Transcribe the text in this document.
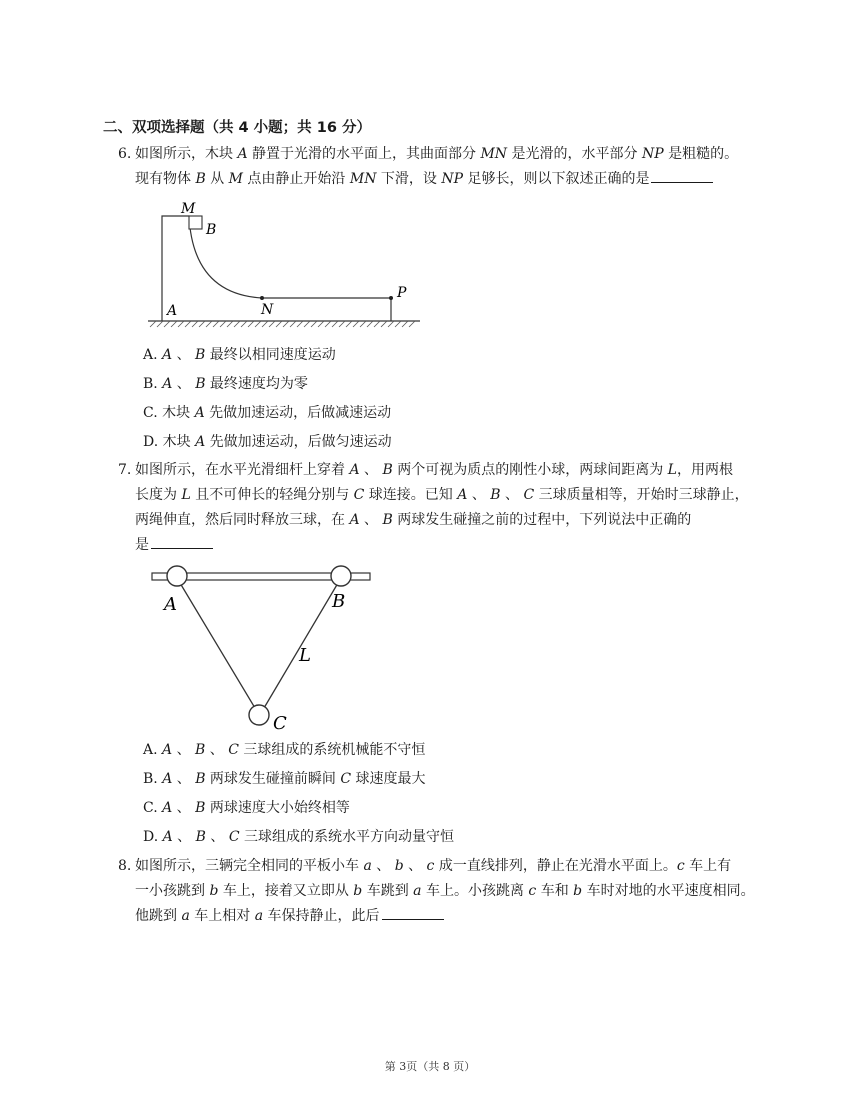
二、双项选择题（共 4 小题；共 16 分）
6. 如图所示，木块 𝐴 静置于光滑的水平面上，其曲面部分 𝑀𝑁 是光滑的，水平部分 𝑁𝑃 是粗糙的。
现有物体 𝐵 从 𝑀 点由静止开始沿 𝑀𝑁 下滑，设 𝑁𝑃 足够长，则以下叙述正确的是
M
B
A	N
P
A. 𝐴 、 𝐵 最终以相同速度运动
B. 𝐴 、 𝐵 最终速度均为零
C. 木块 𝐴 先做加速运动，后做减速运动
D. 木块 𝐴 先做加速运动，后做匀速运动
7. 如图所示，在水平光滑细杆上穿着 𝐴 、 𝐵 两个可视为质点的刚性小球，两球间距离为 𝐿，用两根
长度为 𝐿 且不可伸长的轻绳分别与 𝐶 球连接。已知 𝐴 、 𝐵 、 𝐶 三球质量相等，开始时三球静止，
两绳伸直，然后同时释放三球，在 𝐴 、 𝐵 两球发生碰撞之前的过程中，下列说法中正确的
是
A	B
L
C
A. 𝐴 、 𝐵 、 𝐶 三球组成的系统机械能不守恒
B. 𝐴 、 𝐵 两球发生碰撞前瞬间 𝐶 球速度最大
C. 𝐴 、 𝐵 两球速度大小始终相等
D. 𝐴 、 𝐵 、 𝐶 三球组成的系统水平方向动量守恒
8. 如图所示，三辆完全相同的平板小车 𝑎 、 𝑏 、 𝑐 成一直线排列，静止在光滑水平面上。𝑐 车上有
一小孩跳到 𝑏 车上，接着又立即从 𝑏 车跳到 𝑎 车上。小孩跳离 𝑐 车和 𝑏 车时对地的水平速度相同。
他跳到 𝑎 车上相对 𝑎 车保持静止，此后
第 3页（共 8 页）
